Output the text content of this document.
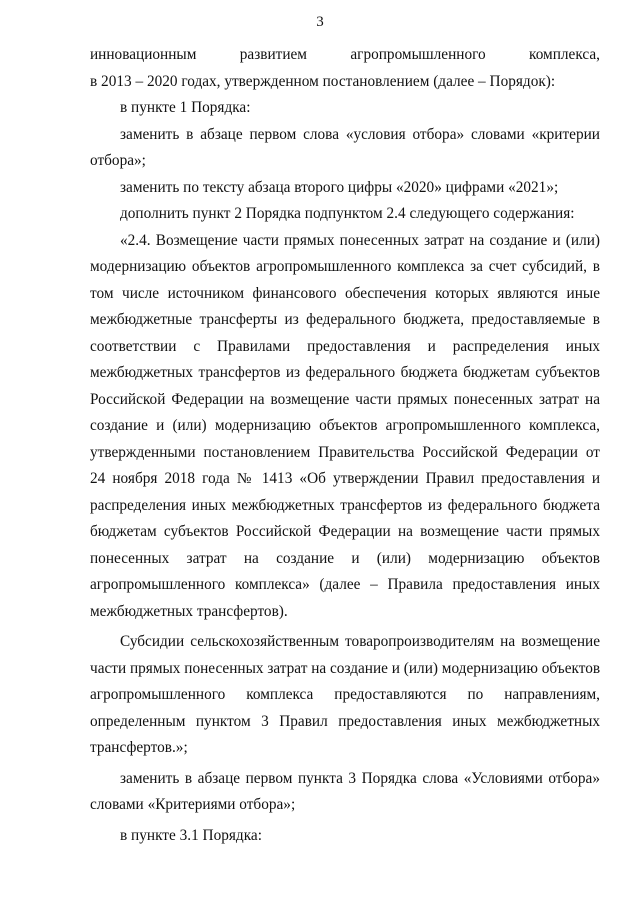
3
инновационным развитием агропромышленного комплекса,
в 2013 – 2020 годах, утвержденном постановлением (далее – Порядок):
в пункте 1 Порядка:
заменить в абзаце первом слова «условия отбора» словами «критерии
отбора»;
заменить по тексту абзаца второго цифры «2020» цифрами «2021»;
дополнить пункт 2 Порядка подпунктом 2.4 следующего содержания:
«2.4. Возмещение части прямых понесенных затрат на создание и (или)
модернизацию объектов агропромышленного комплекса за счет субсидий, в
том числе источником финансового обеспечения которых являются иные
межбюджетные трансферты из федерального бюджета, предоставляемые в
соответствии с Правилами предоставления и распределения иных
межбюджетных трансфертов из федерального бюджета бюджетам субъектов
Российской Федерации на возмещение части прямых понесенных затрат на
создание и (или) модернизацию объектов агропромышленного комплекса,
утвержденными постановлением Правительства Российской Федерации от
24 ноября 2018 года № 1413 «Об утверждении Правил предоставления и
распределения иных межбюджетных трансфертов из федерального бюджета
бюджетам субъектов Российской Федерации на возмещение части прямых
понесенных затрат на создание и (или) модернизацию объектов
агропромышленного комплекса» (далее – Правила предоставления иных
межбюджетных трансфертов).
Субсидии сельскохозяйственным товаропроизводителям на возмещение
части прямых понесенных затрат на создание и (или) модернизацию объектов
агропромышленного комплекса предоставляются по направлениям,
определенным пунктом 3 Правил предоставления иных межбюджетных
трансфертов.»;
заменить в абзаце первом пункта 3 Порядка слова «Условиями отбора»
словами «Критериями отбора»;
в пункте 3.1 Порядка:
